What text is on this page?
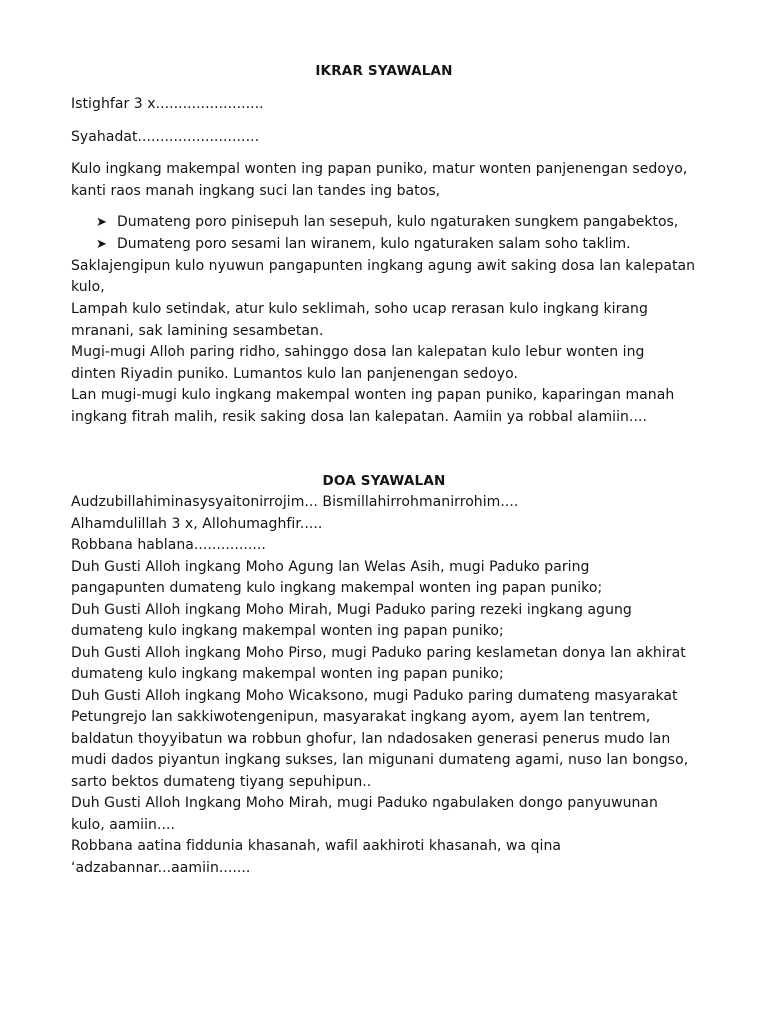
IKRAR SYAWALAN
Istighfar 3 x........................
Syahadat...........................
Kulo ingkang makempal wonten ing papan puniko, matur wonten panjenengan sedoyo,
kanti raos manah ingkang suci lan tandes ing batos,
➤ Dumateng poro pinisepuh lan sesepuh, kulo ngaturaken sungkem pangabektos,
➤ Dumateng poro sesami lan wiranem, kulo ngaturaken salam soho taklim.
Saklajengipun kulo nyuwun pangapunten ingkang agung awit saking dosa lan kalepatan
kulo,
Lampah kulo setindak, atur kulo seklimah, soho ucap rerasan kulo ingkang kirang
mranani, sak lamining sesambetan.
Mugi-mugi Alloh paring ridho, sahinggo dosa lan kalepatan kulo lebur wonten ing
dinten Riyadin puniko. Lumantos kulo lan panjenengan sedoyo.
Lan mugi-mugi kulo ingkang makempal wonten ing papan puniko, kaparingan manah
ingkang fitrah malih, resik saking dosa lan kalepatan. Aamiin ya robbal alamiin....
DOA SYAWALAN
Audzubillahiminasysyaitonirrojim... Bismillahirrohmanirrohim....
Alhamdulillah 3 x, Allohumaghfir.....
Robbana hablana................
Duh Gusti Alloh ingkang Moho Agung lan Welas Asih, mugi Paduko paring
pangapunten dumateng kulo ingkang makempal wonten ing papan puniko;
Duh Gusti Alloh ingkang Moho Mirah, Mugi Paduko paring rezeki ingkang agung
dumateng kulo ingkang makempal wonten ing papan puniko;
Duh Gusti Alloh ingkang Moho Pirso, mugi Paduko paring keslametan donya lan akhirat
dumateng kulo ingkang makempal wonten ing papan puniko;
Duh Gusti Alloh ingkang Moho Wicaksono, mugi Paduko paring dumateng masyarakat
Petungrejo lan sakkiwotengenipun, masyarakat ingkang ayom, ayem lan tentrem,
baldatun thoyyibatun wa robbun ghofur, lan ndadosaken generasi penerus mudo lan
mudi dados piyantun ingkang sukses, lan migunani dumateng agami, nuso lan bongso,
sarto bektos dumateng tiyang sepuhipun..
Duh Gusti Alloh Ingkang Moho Mirah, mugi Paduko ngabulaken dongo panyuwunan
kulo, aamiin....
Robbana aatina fiddunia khasanah, wafil aakhiroti khasanah, wa qina
‘adzabannar...aamiin.......
